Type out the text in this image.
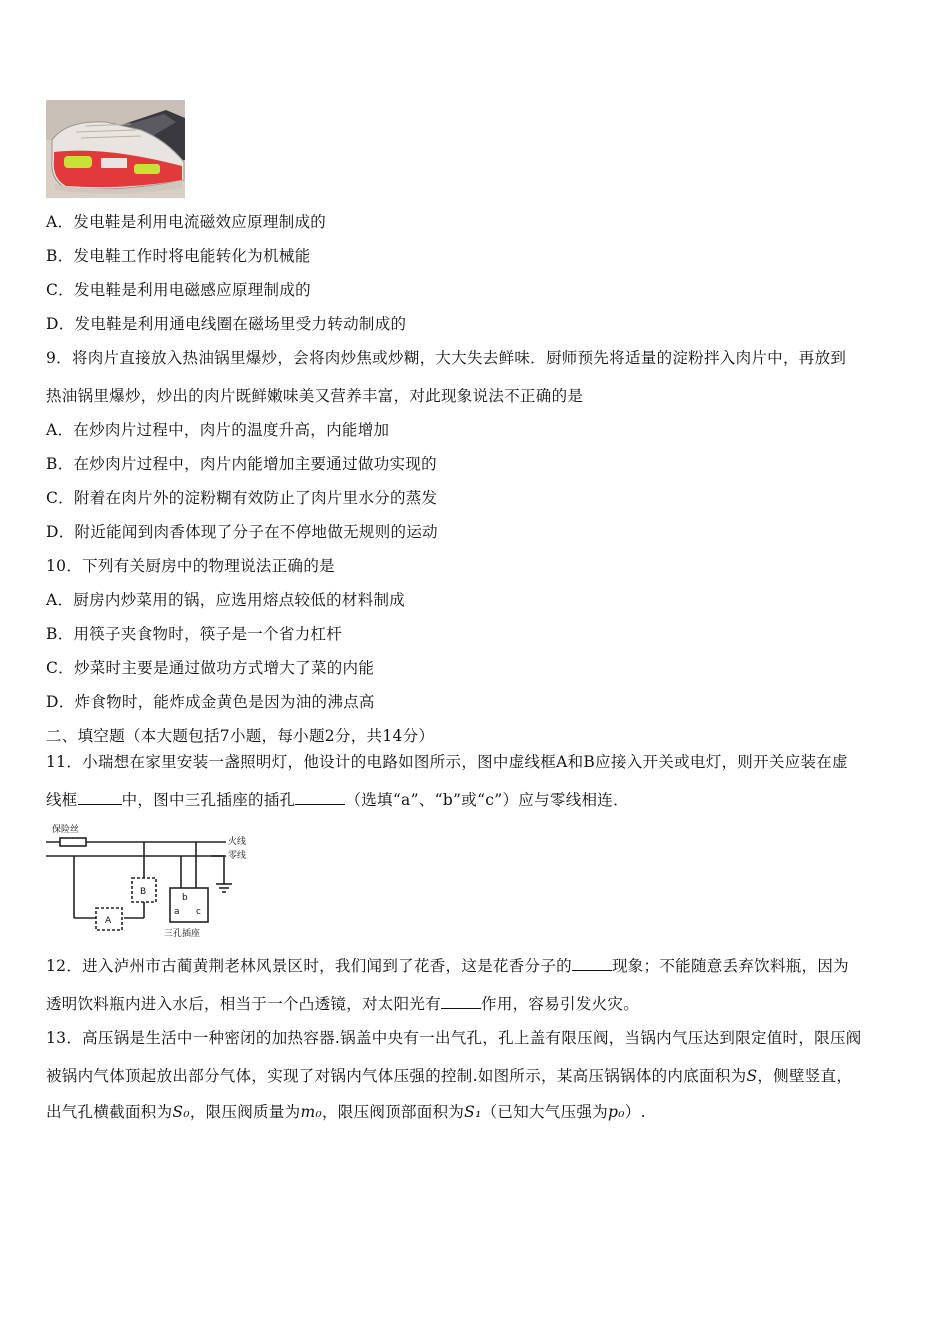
A．发电鞋是利用电流磁效应原理制成的
B．发电鞋工作时将电能转化为机械能
C．发电鞋是利用电磁感应原理制成的
D．发电鞋是利用通电线圈在磁场里受力转动制成的
9．将肉片直接放入热油锅里爆炒，会将肉炒焦或炒糊，大大失去鲜味．厨师预先将适量的淀粉拌入肉片中，再放到
热油锅里爆炒，炒出的肉片既鲜嫩味美又营养丰富，对此现象说法不正确的是
A．在炒肉片过程中，肉片的温度升高，内能增加
B．在炒肉片过程中，肉片内能增加主要通过做功实现的
C．附着在肉片外的淀粉糊有效防止了肉片里水分的蒸发
D．附近能闻到肉香体现了分子在不停地做无规则的运动
10．下列有关厨房中的物理说法正确的是
A．厨房内炒菜用的锅，应选用熔点较低的材料制成
B．用筷子夹食物时，筷子是一个省力杠杆
C．炒菜时主要是通过做功方式增大了菜的内能
D．炸食物时，能炸成金黄色是因为油的沸点高
二、填空题（本大题包括7小题，每小题2分，共14分）
11．小瑞想在家里安装一盏照明灯，他设计的电路如图所示，图中虚线框A和B应接入开关或电灯，则开关应装在虚
线框	中，图中三孔插座的插孔	（选填“a”、“b”或“c”）应与零线相连．
保险丝
火线
零线
B
A
b
a c
三孔插座
12．进入泸州市古蔺黄荆老林风景区时，我们闻到了花香，这是花香分子的	现象；不能随意丢弃饮料瓶，因为
透明饮料瓶内进入水后，相当于一个凸透镜，对太阳光有	作用，容易引发火灾。
13．高压锅是生活中一种密闭的加热容器.锅盖中央有一出气孔，孔上盖有限压阀，当锅内气压达到限定值时，限压阀
被锅内气体顶起放出部分气体，实现了对锅内气体压强的控制.如图所示，某高压锅锅体的内底面积为S，侧壁竖直，
出气孔横截面积为S₀，限压阀质量为m₀，限压阀顶部面积为S₁（已知大气压强为p₀）.
